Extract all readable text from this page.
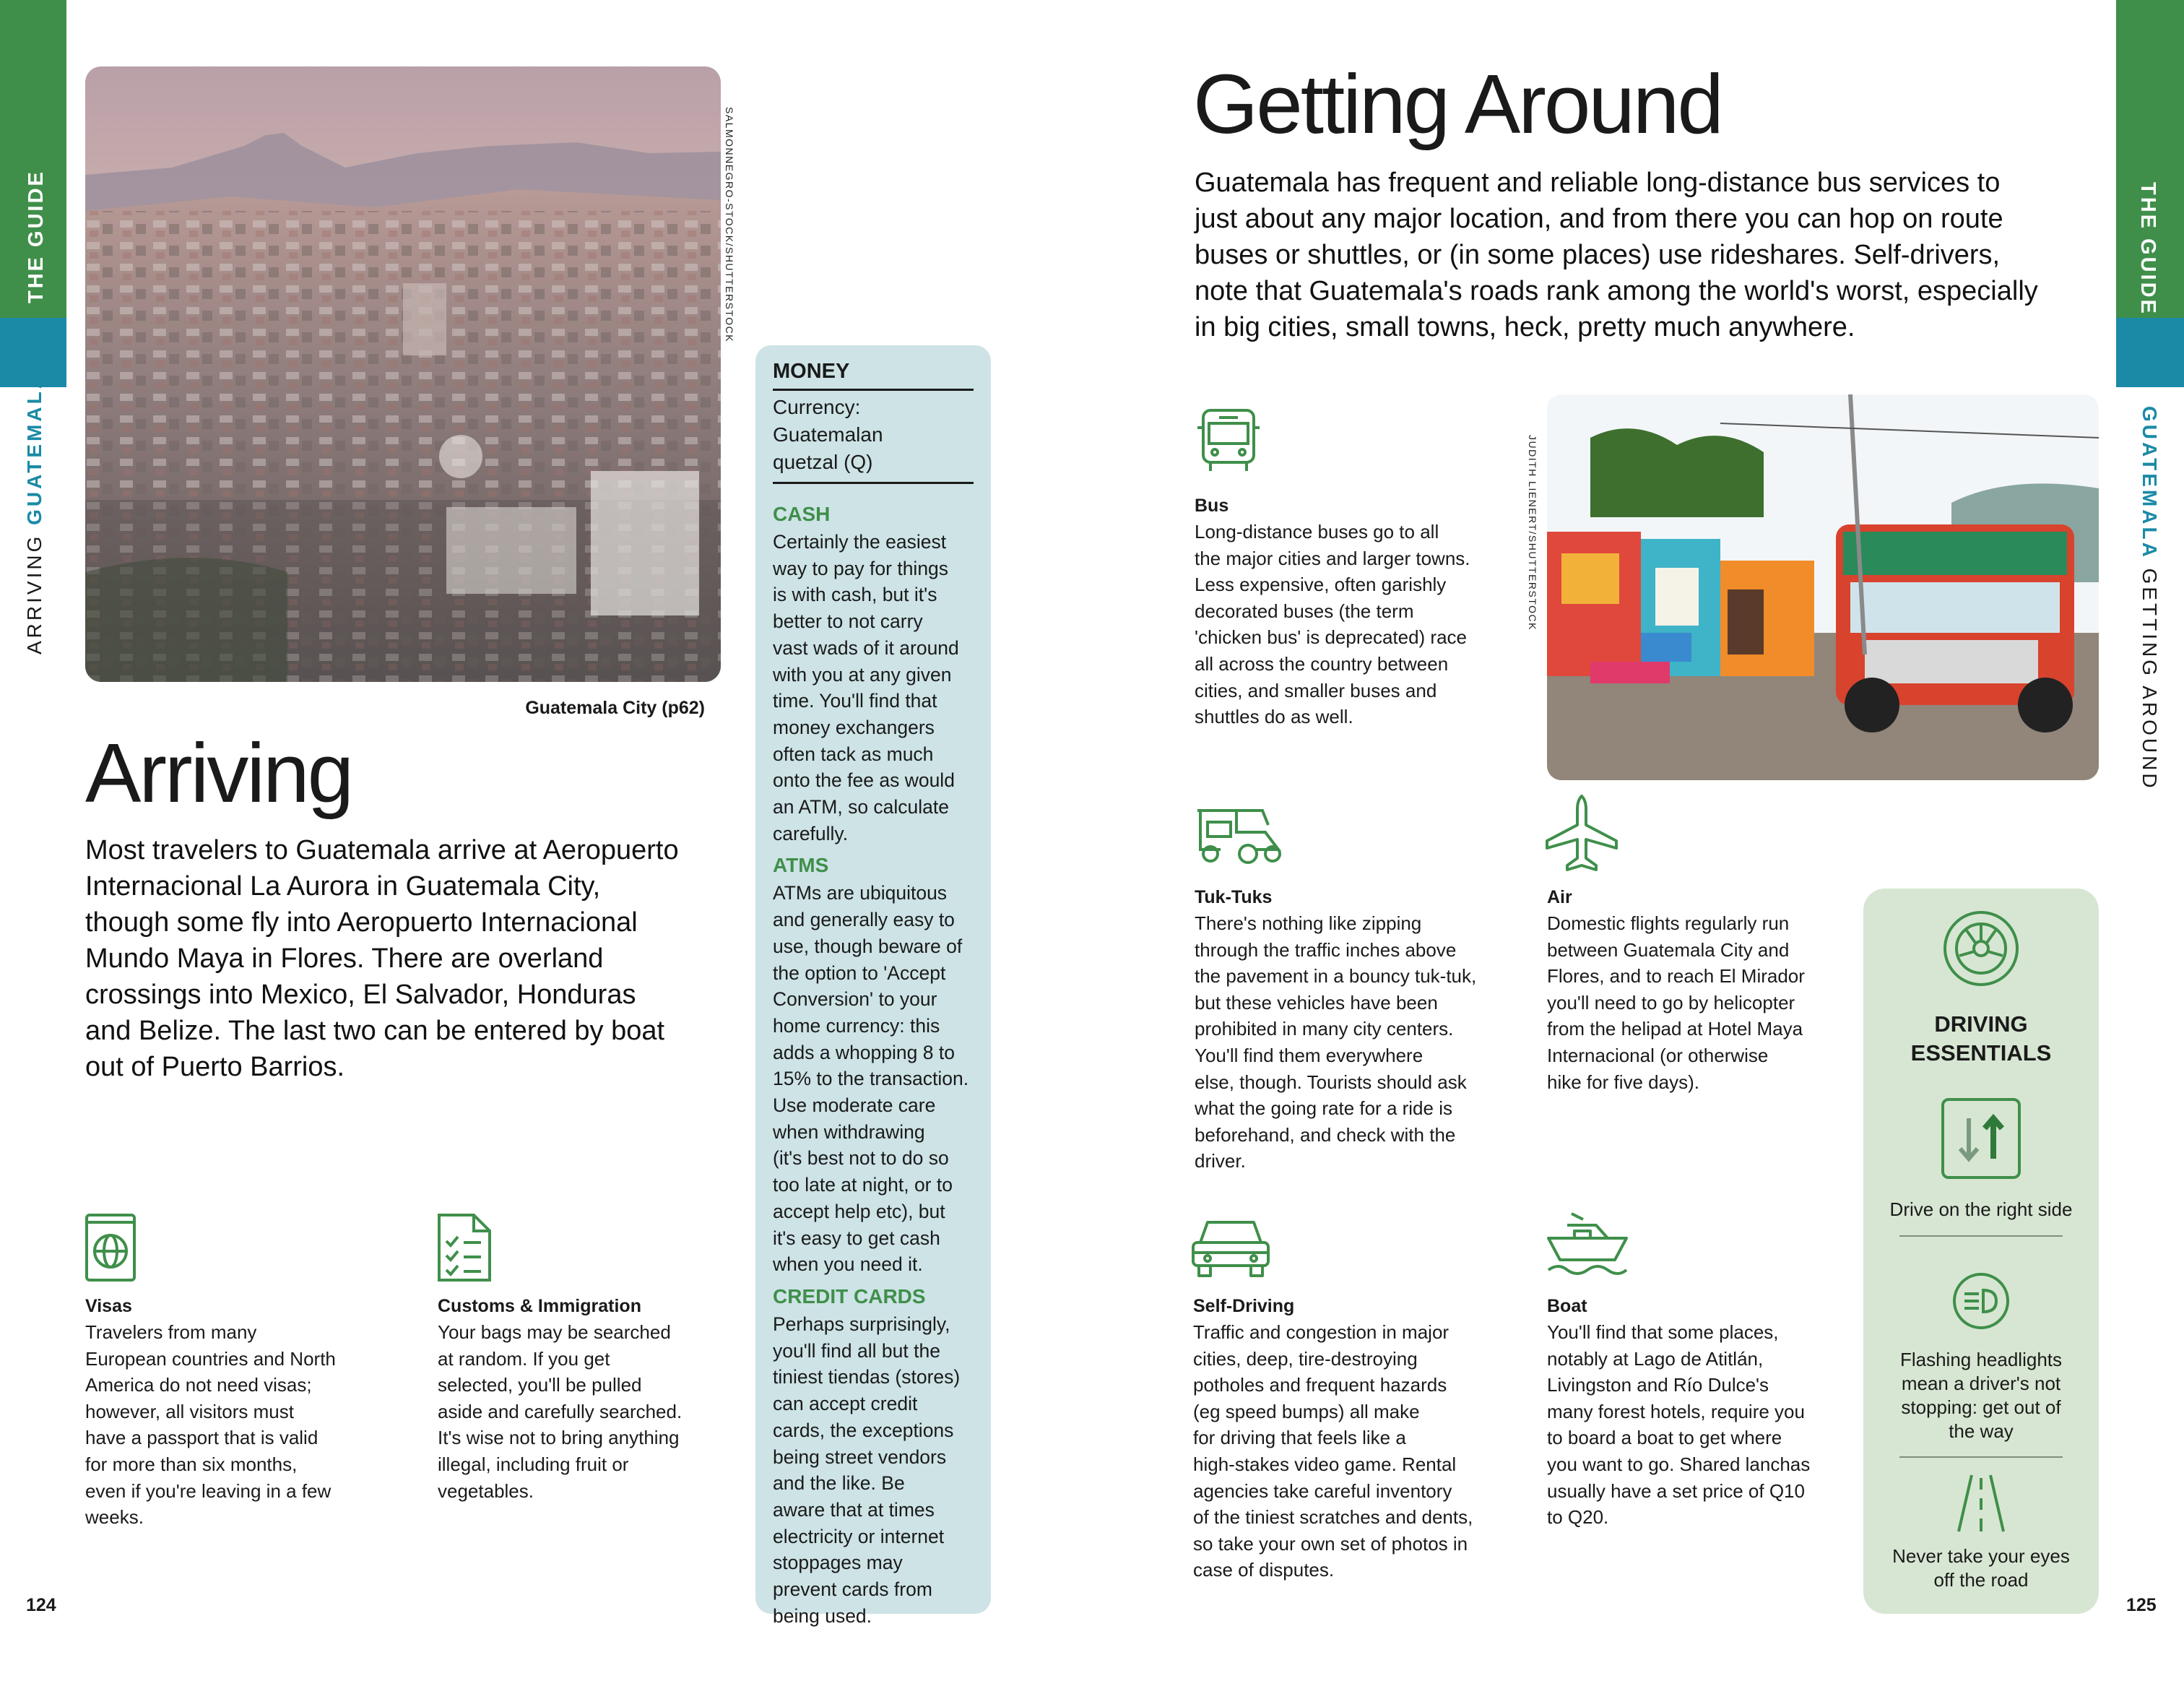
THE GUIDE
ARRIVING GUATEMALA
THE GUIDE
GUATEMALA GETTING AROUND
124	125
SALMONNEGRO-STOCK/SHUTTERSTOCK
Guatemala City (p62)
Arriving
Most travelers to Guatemala arrive at Aeropuerto
Internacional La Aurora in Guatemala City,
though some fly into Aeropuerto Internacional
Mundo Maya in Flores. There are overland
crossings into Mexico, El Salvador, Honduras
and Belize. The last two can be entered by boat
out of Puerto Barrios.
Visas
Travelers from many
European countries and North
America do not need visas;
however, all visitors must
have a passport that is valid
for more than six months,
even if you're leaving in a few
weeks.
Customs & Immigration
Your bags may be searched
at random. If you get
selected, you'll be pulled
aside and carefully searched.
It's wise not to bring anything
illegal, including fruit or
vegetables.
MONEY
Currency: Guatemalan
quetzal (Q)
CASH
Certainly the easiest
way to pay for things
is with cash, but it's
better to not carry
vast wads of it around
with you at any given
time. You'll find that
money exchangers
often tack as much
onto the fee as would
an ATM, so calculate
carefully.
ATMS
ATMs are ubiquitous
and generally easy to
use, though beware of
the option to 'Accept
Conversion' to your
home currency: this
adds a whopping 8 to
15% to the transaction.
Use moderate care
when withdrawing
(it's best not to do so
too late at night, or to
accept help etc), but
it's easy to get cash
when you need it.
CREDIT CARDS
Perhaps surprisingly,
you'll find all but the
tiniest tiendas (stores)
can accept credit
cards, the exceptions
being street vendors
and the like. Be
aware that at times
electricity or internet
stoppages may
prevent cards from
being used.
Getting Around
Guatemala has frequent and reliable long-distance bus services to
just about any major location, and from there you can hop on route
buses or shuttles, or (in some places) use rideshares. Self-drivers,
note that Guatemala's roads rank among the world's worst, especially
in big cities, small towns, heck, pretty much anywhere.
JUDITH LIENERT/SHUTTERSTOCK
Bus
Long-distance buses go to all
the major cities and larger towns.
Less expensive, often garishly
decorated buses (the term
'chicken bus' is deprecated) race
all across the country between
cities, and smaller buses and
shuttles do as well.
Tuk-Tuks
There's nothing like zipping
through the traffic inches above
the pavement in a bouncy tuk-tuk,
but these vehicles have been
prohibited in many city centers.
You'll find them everywhere
else, though. Tourists should ask
what the going rate for a ride is
beforehand, and check with the
driver.
Air
Domestic flights regularly run
between Guatemala City and
Flores, and to reach El Mirador
you'll need to go by helicopter
from the helipad at Hotel Maya
Internacional (or otherwise
hike for five days).
Self-Driving
Traffic and congestion in major
cities, deep, tire-destroying
potholes and frequent hazards
(eg speed bumps) all make
for driving that feels like a
high-stakes video game. Rental
agencies take careful inventory
of the tiniest scratches and dents,
so take your own set of photos in
case of disputes.
Boat
You'll find that some places,
notably at Lago de Atitlán,
Livingston and Río Dulce's
many forest hotels, require you
to board a boat to get where
you want to go. Shared lanchas
usually have a set price of Q10
to Q20.
DRIVING
ESSENTIALS
Drive on the right side
Flashing headlights
mean a driver's not
stopping: get out of
the way
Never take your eyes
off the road
